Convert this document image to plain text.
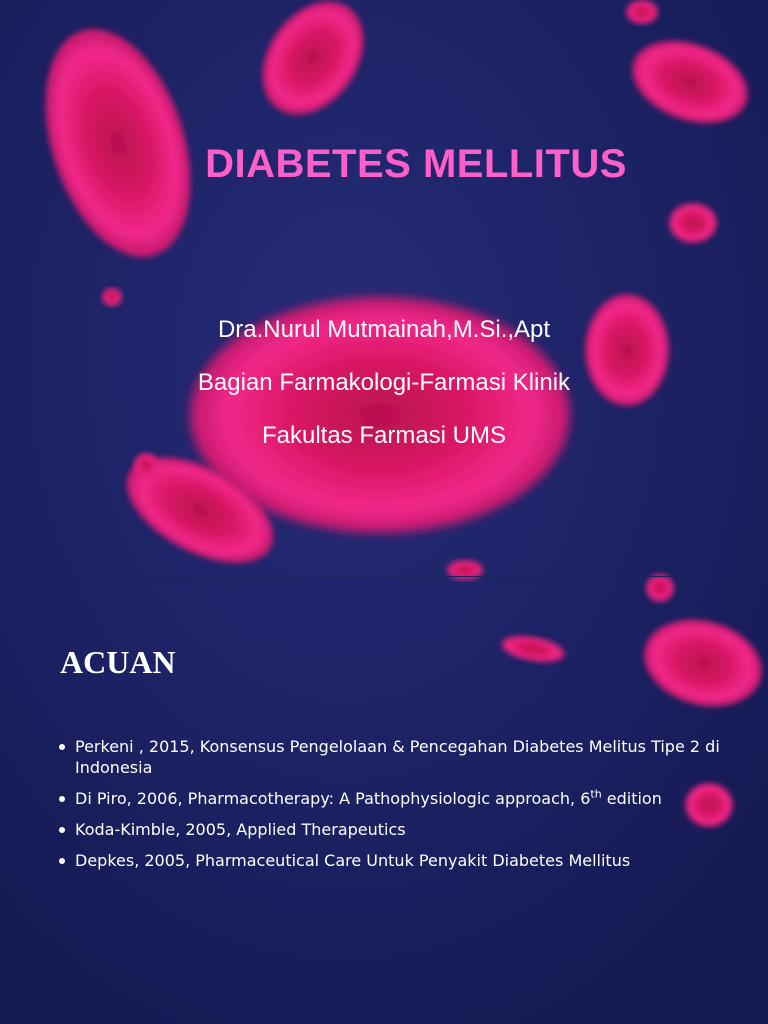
DIABETES MELLITUS
Dra.Nurul Mutmainah,M.Si.,Apt
Bagian Farmakologi-Farmasi Klinik
Fakultas Farmasi UMS
ACUAN
Perkeni , 2015, Konsensus Pengelolaan & Pencegahan Diabetes Melitus Tipe 2 di Indonesia
Di Piro, 2006, Pharmacotherapy: A Pathophysiologic approach, 6th edition
Koda-Kimble, 2005, Applied Therapeutics
Depkes, 2005, Pharmaceutical Care Untuk Penyakit Diabetes Mellitus
